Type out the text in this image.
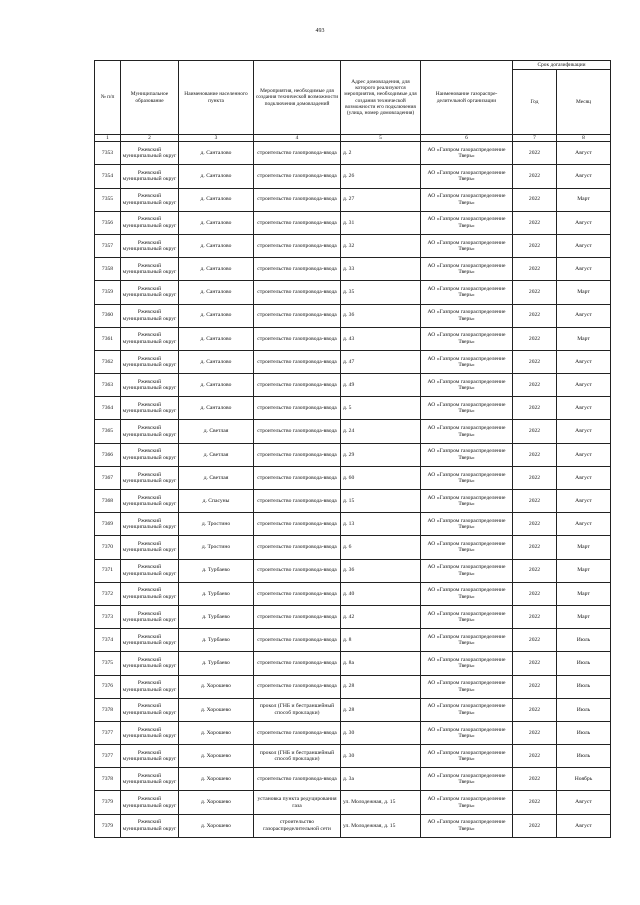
493
№ п/п	Муниципальное образование	Наименование населенного пункта	Мероприятия, необходимые для создания технической возможности подключения домовладений	Адрес домовладения, для которого реализуются мероприятия, необходимые для создания технической возможности его подключения (улица, номер домовладения)	Наименование газораспре-делительной организации	Срок догазификации	
						Год	Месяц
1	2	3	4	5	6	7	8
7353	Ржевский муниципальный округ	д. Санталово	строительство газопровода-ввода	д. 2	АО «Газпром газораспределение Тверь»	2022	Август
7354	Ржевский муниципальный округ	д. Санталово	строительство газопровода-ввода	д. 26	АО «Газпром газораспределение Тверь»	2022	Август
7355	Ржевский муниципальный округ	д. Санталово	строительство газопровода-ввода	д. 27	АО «Газпром газораспределение Тверь»	2022	Март
7356	Ржевский муниципальный округ	д. Санталово	строительство газопровода-ввода	д. 31	АО «Газпром газораспределение Тверь»	2022	Август
7357	Ржевский муниципальный округ	д. Санталово	строительство газопровода-ввода	д. 32	АО «Газпром газораспределение Тверь»	2022	Август
7358	Ржевский муниципальный округ	д. Санталово	строительство газопровода-ввода	д. 33	АО «Газпром газораспределение Тверь»	2022	Август
7359	Ржевский муниципальный округ	д. Санталово	строительство газопровода-ввода	д. 35	АО «Газпром газораспределение Тверь»	2022	Март
7360	Ржевский муниципальный округ	д. Санталово	строительство газопровода-ввода	д. 36	АО «Газпром газораспределение Тверь»	2022	Август
7361	Ржевский муниципальный округ	д. Санталово	строительство газопровода-ввода	д. 43	АО «Газпром газораспределение Тверь»	2022	Март
7362	Ржевский муниципальный округ	д. Санталово	строительство газопровода-ввода	д. 47	АО «Газпром газораспределение Тверь»	2022	Август
7363	Ржевский муниципальный округ	д. Санталово	строительство газопровода-ввода	д. 49	АО «Газпром газораспределение Тверь»	2022	Август
7364	Ржевский муниципальный округ	д. Санталово	строительство газопровода-ввода	д. 5	АО «Газпром газораспределение Тверь»	2022	Август
7365	Ржевский муниципальный округ	д. Светлая	строительство газопровода-ввода	д. 24	АО «Газпром газораспределение Тверь»	2022	Август
7366	Ржевский муниципальный округ	д. Светлая	строительство газопровода-ввода	д. 29	АО «Газпром газораспределение Тверь»	2022	Август
7367	Ржевский муниципальный округ	д. Светлая	строительство газопровода-ввода	д. 60	АО «Газпром газораспределение Тверь»	2022	Август
7368	Ржевский муниципальный округ	д. Спасуны	строительство газопровода-ввода	д. 15	АО «Газпром газораспределение Тверь»	2022	Август
7369	Ржевский муниципальный округ	д. Тростино	строительство газопровода-ввода	д. 13	АО «Газпром газораспределение Тверь»	2022	Август
7370	Ржевский муниципальный округ	д. Тростино	строительство газопровода-ввода	д. 6	АО «Газпром газораспределение Тверь»	2022	Март
7371	Ржевский муниципальный округ	д. Турбаево	строительство газопровода-ввода	д. 36	АО «Газпром газораспределение Тверь»	2022	Март
7372	Ржевский муниципальный округ	д. Турбаево	строительство газопровода-ввода	д. 40	АО «Газпром газораспределение Тверь»	2022	Март
7373	Ржевский муниципальный округ	д. Турбаево	строительство газопровода-ввода	д. 42	АО «Газпром газораспределение Тверь»	2022	Март
7374	Ржевский муниципальный округ	д. Турбаево	строительство газопровода-ввода	д. 8	АО «Газпром газораспределение Тверь»	2022	Июль
7375	Ржевский муниципальный округ	д. Турбаево	строительство газопровода-ввода	д. 8а	АО «Газпром газораспределение Тверь»	2022	Июль
7376	Ржевский муниципальный округ	д. Хорошево	строительство газопровода-ввода	д. 28	АО «Газпром газораспределение Тверь»	2022	Июль
7378	Ржевский муниципальный округ	д. Хорошево	прокол (ГНБ и бестраншейный способ прокладки)	д. 28	АО «Газпром газораспределение Тверь»	2022	Июль
7377	Ржевский муниципальный округ	д. Хорошево	строительство газопровода-ввода	д. 30	АО «Газпром газораспределение Тверь»	2022	Июль
7377	Ржевский муниципальный округ	д. Хорошево	прокол (ГНБ и бестраншейный способ прокладки)	д. 30	АО «Газпром газораспределение Тверь»	2022	Июль
7378	Ржевский муниципальный округ	д. Хорошево	строительство газопровода-ввода	д. 3а	АО «Газпром газораспределение Тверь»	2022	Ноябрь
7379	Ржевский муниципальный округ	д. Хорошево	установка пункта редуцирования газа	ул. Молодежная, д. 15	АО «Газпром газораспределение Тверь»	2022	Август
7379	Ржевский муниципальный округ	д. Хорошево	строительство газораспределительной сети	ул. Молодежная, д. 15	АО «Газпром газораспределение Тверь»	2022	Август
